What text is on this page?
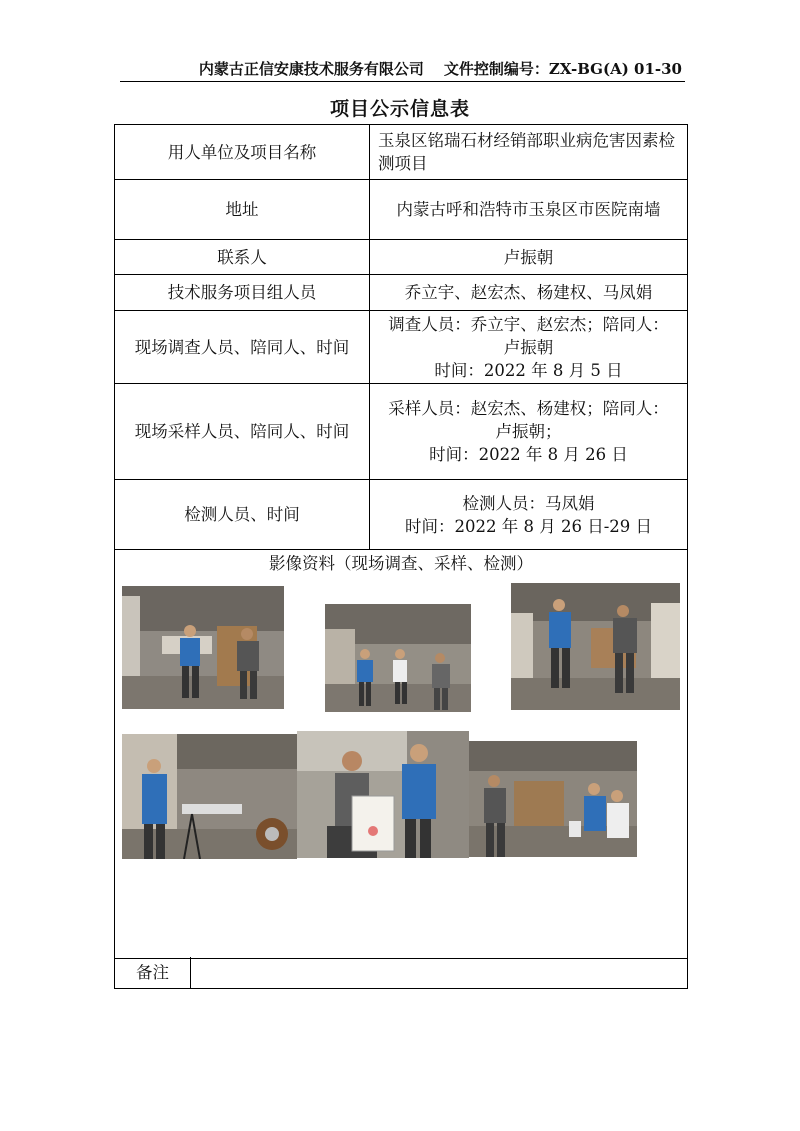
内蒙古正信安康技术服务有限公司 文件控制编号：ZX-BG(A) 01-30
项目公示信息表
用人单位及项目名称	玉泉区铭瑞石材经销部职业病危害因素检测项目
地址	内蒙古呼和浩特市玉泉区市医院南墙
联系人	卢振朝
技术服务项目组人员	乔立宇、赵宏杰、杨建权、马凤娟
现场调查人员、陪同人、时间	调查人员：乔立宇、赵宏杰；陪同人：
卢振朝
时间：2022 年 8 月 5 日

现场采样人员、陪同人、时间	采样人员：赵宏杰、杨建权；陪同人：
卢振朝；
时间：2022 年 8 月 26 日

检测人员、时间	检测人员：马凤娟
时间：2022 年 8 月 26 日-29 日

影像资料（现场调查、采样、检测）	
备注
